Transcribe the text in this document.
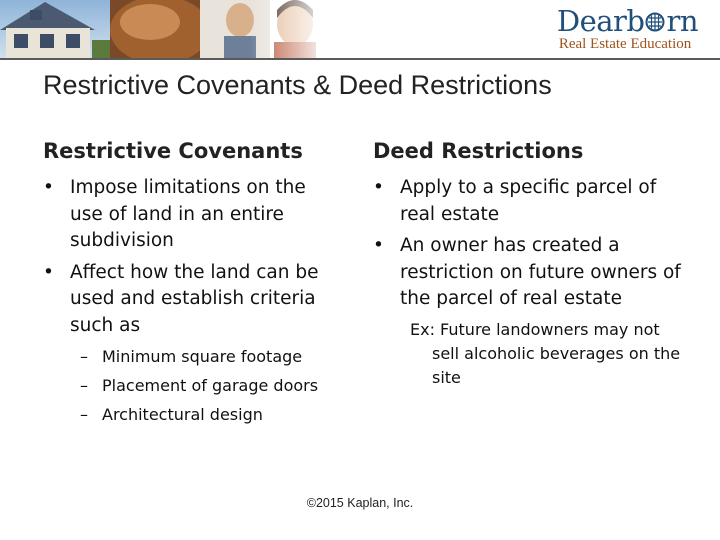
Dearb rn
Real Estate Education
Restrictive Covenants & Deed Restrictions
Restrictive Covenants
• Impose limitations on the use of land in an entire subdivision
• Affect how the land can be used and establish criteria such as
– Minimum square footage
– Placement of garage doors
– Architectural design
Deed Restrictions
• Apply to a specific parcel of real estate
• An owner has created a restriction on future owners of the parcel of real estate
Ex: Future landowners may not sell alcoholic beverages on the site
©2015 Kaplan, Inc.
